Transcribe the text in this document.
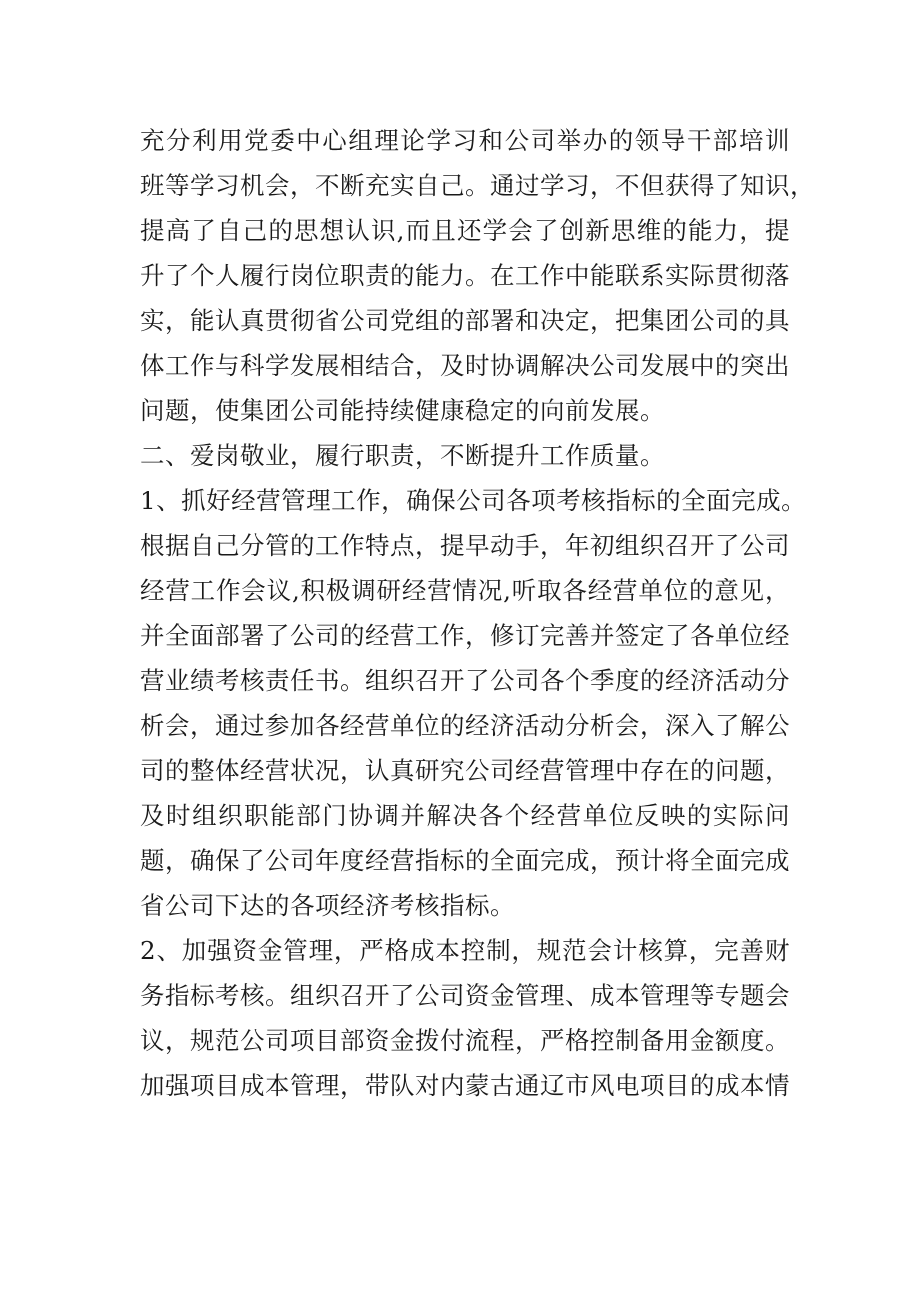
充分利用党委中心组理论学习和公司举办的领导干部培训
班等学习机会，不断充实自己。通过学习，不但获得了知识，
提高了自己的思想认识,而且还学会了创新思维的能力，提
升了个人履行岗位职责的能力。在工作中能联系实际贯彻落
实，能认真贯彻省公司党组的部署和决定，把集团公司的具
体工作与科学发展相结合，及时协调解决公司发展中的突出
问题，使集团公司能持续健康稳定的向前发展。
二、爱岗敬业，履行职责，不断提升工作质量。
1、抓好经营管理工作，确保公司各项考核指标的全面完成。
根据自己分管的工作特点，提早动手，年初组织召开了公司
经营工作会议,积极调研经营情况,听取各经营单位的意见，
并全面部署了公司的经营工作，修订完善并签定了各单位经
营业绩考核责任书。组织召开了公司各个季度的经济活动分
析会，通过参加各经营单位的经济活动分析会，深入了解公
司的整体经营状况，认真研究公司经营管理中存在的问题，
及时组织职能部门协调并解决各个经营单位反映的实际问
题，确保了公司年度经营指标的全面完成，预计将全面完成
省公司下达的各项经济考核指标。
2、加强资金管理，严格成本控制，规范会计核算，完善财
务指标考核。组织召开了公司资金管理、成本管理等专题会
议，规范公司项目部资金拨付流程，严格控制备用金额度。
加强项目成本管理，带队对内蒙古通辽市风电项目的成本情
